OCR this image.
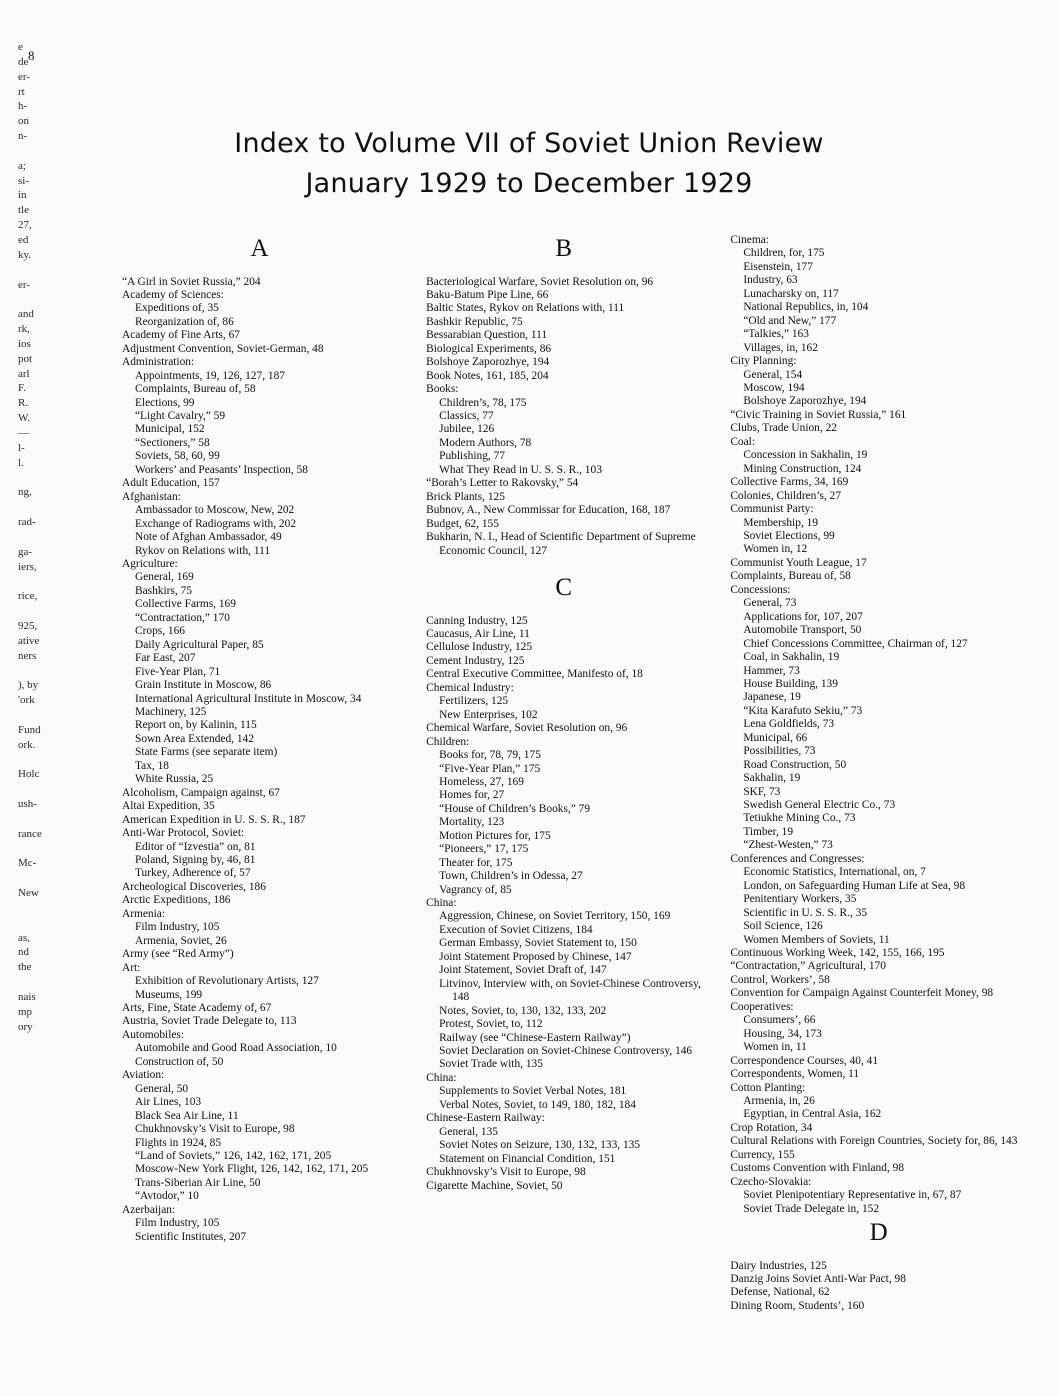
e
de
er-
rt
h-
on
n-

a;
si-
in
tle
27,
ed
ky.

er-

and
rk,
ios
pot
arl
F.
R.
W.
—
l-
l.

ng,

rad-

ga-
iers,

rice,

925,
ative
ners

), by
'ork

Fund
ork.

Holc

ush-

rance

Mc-

New

as,
nd
the

nais
mp
ory
Index to Volume VII of Soviet Union Review
January 1929 to December 1929
A
“A Girl in Soviet Russia,” 204
Academy of Sciences:
Expeditions of, 35
Reorganization of, 86
Academy of Fine Arts, 67
Adjustment Convention, Soviet-German, 48
Administration:
Appointments, 19, 126, 127, 187
Complaints, Bureau of, 58
Elections, 99
“Light Cavalry,” 59
Municipal, 152
“Sectioners,” 58
Soviets, 58, 60, 99
Workers’ and Peasants’ Inspection, 58
Adult Education, 157
Afghanistan:
Ambassador to Moscow, New, 202
Exchange of Radiograms with, 202
Note of Afghan Ambassador, 49
Rykov on Relations with, 111
Agriculture:
General, 169
Bashkirs, 75
Collective Farms, 169
“Contractation,” 170
Crops, 166
Daily Agricultural Paper, 85
Far East, 207
Five-Year Plan, 71
Grain Institute in Moscow, 86
International Agricultural Institute in Moscow, 34
Machinery, 125
Report on, by Kalinin, 115
Sown Area Extended, 142
State Farms (see separate item)
Tax, 18
White Russia, 25
Alcoholism, Campaign against, 67
Altai Expedition, 35
American Expedition in U. S. S. R., 187
Anti-War Protocol, Soviet:
Editor of “Izvestia” on, 81
Poland, Signing by, 46, 81
Turkey, Adherence of, 57
Archeological Discoveries, 186
Arctic Expeditions, 186
Armenia:
Film Industry, 105
Armenia, Soviet, 26
Army (see “Red Army”)
Art:
Exhibition of Revolutionary Artists, 127
Museums, 199
Arts, Fine, State Academy of, 67
Austria, Soviet Trade Delegate to, 113
Automobiles:
Automobile and Good Road Association, 10
Construction of, 50
Aviation:
General, 50
Air Lines, 103
Black Sea Air Line, 11
Chukhnovsky’s Visit to Europe, 98
Flights in 1924, 85
“Land of Soviets,” 126, 142, 162, 171, 205
Moscow-New York Flight, 126, 142, 162, 171, 205
Trans-Siberian Air Line, 50
“Avtodor,” 10
Azerbaijan:
Film Industry, 105
Scientific Institutes, 207
B
Bacteriological Warfare, Soviet Resolution on, 96
Baku-Batum Pipe Line, 66
Baltic States, Rykov on Relations with, 111
Bashkir Republic, 75
Bessarabian Question, 111
Biological Experiments, 86
Bolshoye Zaporozhye, 194
Book Notes, 161, 185, 204
Books:
Children’s, 78, 175
Classics, 77
Jubilee, 126
Modern Authors, 78
Publishing, 77
What They Read in U. S. S. R., 103
“Borah’s Letter to Rakovsky,” 54
Brick Plants, 125
Bubnov, A., New Commissar for Education, 168, 187
Budget, 62, 155
Bukharin, N. I., Head of Scientific Department of Supreme Economic Council, 127
C
Canning Industry, 125
Caucasus, Air Line, 11
Cellulose Industry, 125
Cement Industry, 125
Central Executive Committee, Manifesto of, 18
Chemical Industry:
Fertilizers, 125
New Enterprises, 102
Chemical Warfare, Soviet Resolution on, 96
Children:
Books for, 78, 79, 175
“Five-Year Plan,” 175
Homeless, 27, 169
Homes for, 27
“House of Children’s Books,” 79
Mortality, 123
Motion Pictures for, 175
“Pioneers,” 17, 175
Theater for, 175
Town, Children’s in Odessa, 27
Vagrancy of, 85
China:
Aggression, Chinese, on Soviet Territory, 150, 169
Execution of Soviet Citizens, 184
German Embassy, Soviet Statement to, 150
Joint Statement Proposed by Chinese, 147
Joint Statement, Soviet Draft of, 147
Litvinov, Interview with, on Soviet-Chinese Controversy, 148
Notes, Soviet, to, 130, 132, 133, 202
Protest, Soviet, to, 112
Railway (see “Chinese-Eastern Railway”)
Soviet Declaration on Soviet-Chinese Controversy, 146
Soviet Trade with, 135
China:
Supplements to Soviet Verbal Notes, 181
Verbal Notes, Soviet, to 149, 180, 182, 184
Chinese-Eastern Railway:
General, 135
Soviet Notes on Seizure, 130, 132, 133, 135
Statement on Financial Condition, 151
Chukhnovsky’s Visit to Europe, 98
Cigarette Machine, Soviet, 50
Cinema:
Children, for, 175
Eisenstein, 177
Industry, 63
Lunacharsky on, 117
National Republics, in, 104
“Old and New,” 177
“Talkies,” 163
Villages, in, 162
City Planning:
General, 154
Moscow, 194
Bolshoye Zaporozhye, 194
“Civic Training in Soviet Russia,” 161
Clubs, Trade Union, 22
Coal:
Concession in Sakhalin, 19
Mining Construction, 124
Collective Farms, 34, 169
Colonies, Children’s, 27
Communist Party:
Membership, 19
Soviet Elections, 99
Women in, 12
Communist Youth League, 17
Complaints, Bureau of, 58
Concessions:
General, 73
Applications for, 107, 207
Automobile Transport, 50
Chief Concessions Committee, Chairman of, 127
Coal, in Sakhalin, 19
Hammer, 73
House Building, 139
Japanese, 19
“Kita Karafuto Sekiu,” 73
Lena Goldfields, 73
Municipal, 66
Possibilities, 73
Road Construction, 50
Sakhalin, 19
SKF, 73
Swedish General Electric Co., 73
Tetiukhe Mining Co., 73
Timber, 19
“Zhest-Westen,” 73
Conferences and Congresses:
Economic Statistics, International, on, 7
London, on Safeguarding Human Life at Sea, 98
Penitentiary Workers, 35
Scientific in U. S. S. R., 35
Soil Science, 126
Women Members of Soviets, 11
Continuous Working Week, 142, 155, 166, 195
“Contractation,” Agricultural, 170
Control, Workers’, 58
Convention for Campaign Against Counterfeit Money, 98
Cooperatives:
Consumers’, 66
Housing, 34, 173
Women in, 11
Correspondence Courses, 40, 41
Correspondents, Women, 11
Cotton Planting:
Armenia, in, 26
Egyptian, in Central Asia, 162
Crop Rotation, 34
Cultural Relations with Foreign Countries, Society for, 86, 143
Currency, 155
Customs Convention with Finland, 98
Czecho-Slovakia:
Soviet Plenipotentiary Representative in, 67, 87
Soviet Trade Delegate in, 152
D
Dairy Industries, 125
Danzig Joins Soviet Anti-War Pact, 98
Defense, National, 62
Dining Room, Students’, 160
8
